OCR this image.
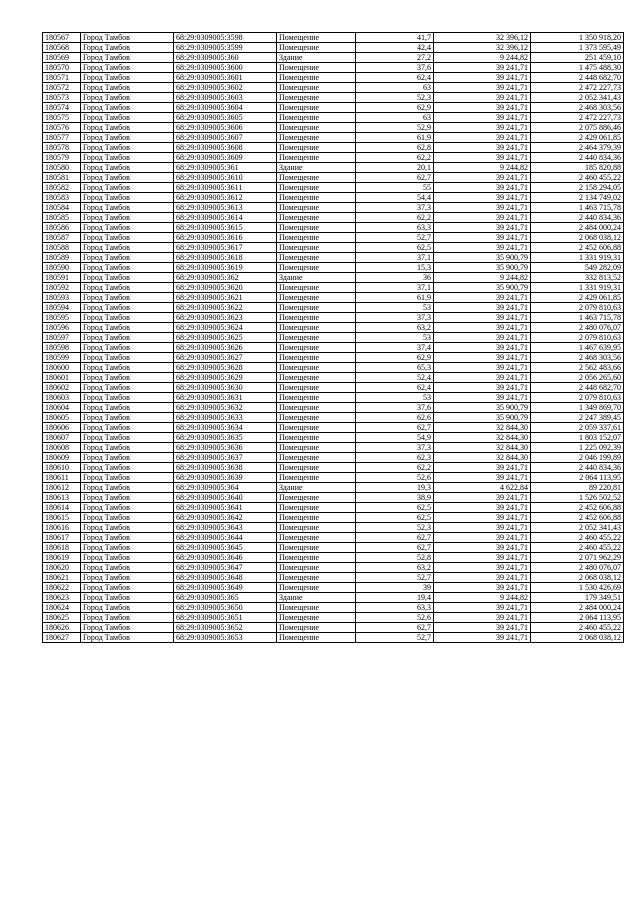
180567	Город Тамбов	68:29:0309005:3598	Помещение	41,7	32 396,12	1 350 918,20
180568	Город Тамбов	68:29:0309005:3599	Помещение	42,4	32 396,12	1 373 595,49
180569	Город Тамбов	68:29:0309005:360	Здание	27,2	9 244,82	251 459,10
180570	Город Тамбов	68:29:0309005:3600	Помещение	37,6	39 241,71	1 475 488,30
180571	Город Тамбов	68:29:0309005:3601	Помещение	62,4	39 241,71	2 448 682,70
180572	Город Тамбов	68:29:0309005:3602	Помещение	63	39 241,71	2 472 227,73
180573	Город Тамбов	68:29:0309005:3603	Помещение	52,3	39 241,71	2 052 341,43
180574	Город Тамбов	68:29:0309005:3604	Помещение	62,9	39 241,71	2 468 303,56
180575	Город Тамбов	68:29:0309005:3605	Помещение	63	39 241,71	2 472 227,73
180576	Город Тамбов	68:29:0309005:3606	Помещение	52,9	39 241,71	2 075 886,46
180577	Город Тамбов	68:29:0309005:3607	Помещение	61,9	39 241,71	2 429 061,85
180578	Город Тамбов	68:29:0309005:3608	Помещение	62,8	39 241,71	2 464 379,39
180579	Город Тамбов	68:29:0309005:3609	Помещение	62,2	39 241,71	2 440 834,36
180580	Город Тамбов	68:29:0309005:361	Здание	20,1	9 244,82	185 820,88
180581	Город Тамбов	68:29:0309005:3610	Помещение	62,7	39 241,71	2 460 455,22
180582	Город Тамбов	68:29:0309005:3611	Помещение	55	39 241,71	2 158 294,05
180583	Город Тамбов	68:29:0309005:3612	Помещение	54,4	39 241,71	2 134 749,02
180584	Город Тамбов	68:29:0309005:3613	Помещение	37,3	39 241,71	1 463 715,78
180585	Город Тамбов	68:29:0309005:3614	Помещение	62,2	39 241,71	2 440 834,36
180586	Город Тамбов	68:29:0309005:3615	Помещение	63,3	39 241,71	2 484 000,24
180587	Город Тамбов	68:29:0309005:3616	Помещение	52,7	39 241,71	2 068 038,12
180588	Город Тамбов	68:29:0309005:3617	Помещение	62,5	39 241,71	2 452 606,88
180589	Город Тамбов	68:29:0309005:3618	Помещение	37,1	35 900,79	1 331 919,31
180590	Город Тамбов	68:29:0309005:3619	Помещение	15,3	35 900,79	549 282,09
180591	Город Тамбов	68:29:0309005:362	Здание	36	9 244,82	332 813,52
180592	Город Тамбов	68:29:0309005:3620	Помещение	37,1	35 900,79	1 331 919,31
180593	Город Тамбов	68:29:0309005:3621	Помещение	61,9	39 241,71	2 429 061,85
180594	Город Тамбов	68:29:0309005:3622	Помещение	53	39 241,71	2 079 810,63
180595	Город Тамбов	68:29:0309005:3623	Помещение	37,3	39 241,71	1 463 715,78
180596	Город Тамбов	68:29:0309005:3624	Помещение	63,2	39 241,71	2 480 076,07
180597	Город Тамбов	68:29:0309005:3625	Помещение	53	39 241,71	2 079 810,63
180598	Город Тамбов	68:29:0309005:3626	Помещение	37,4	39 241,71	1 467 639,95
180599	Город Тамбов	68:29:0309005:3627	Помещение	62,9	39 241,71	2 468 303,56
180600	Город Тамбов	68:29:0309005:3628	Помещение	65,3	39 241,71	2 562 483,66
180601	Город Тамбов	68:29:0309005:3629	Помещение	52,4	39 241,71	2 056 265,60
180602	Город Тамбов	68:29:0309005:3630	Помещение	62,4	39 241,71	2 448 682,70
180603	Город Тамбов	68:29:0309005:3631	Помещение	53	39 241,71	2 079 810,63
180604	Город Тамбов	68:29:0309005:3632	Помещение	37,6	35 900,79	1 349 869,70
180605	Город Тамбов	68:29:0309005:3633	Помещение	62,6	35 900,79	2 247 389,45
180606	Город Тамбов	68:29:0309005:3634	Помещение	62,7	32 844,30	2 059 337,61
180607	Город Тамбов	68:29:0309005:3635	Помещение	54,9	32 844,30	1 803 152,07
180608	Город Тамбов	68:29:0309005:3636	Помещение	37,3	32 844,30	1 225 092,39
180609	Город Тамбов	68:29:0309005:3637	Помещение	62,3	32 844,30	2 046 199,89
180610	Город Тамбов	68:29:0309005:3638	Помещение	62,2	39 241,71	2 440 834,36
180611	Город Тамбов	68:29:0309005:3639	Помещение	52,6	39 241,71	2 064 113,95
180612	Город Тамбов	68:29:0309005:364	Здание	19,3	4 622,84	89 220,81
180613	Город Тамбов	68:29:0309005:3640	Помещение	38,9	39 241,71	1 526 502,52
180614	Город Тамбов	68:29:0309005:3641	Помещение	62,5	39 241,71	2 452 606,88
180615	Город Тамбов	68:29:0309005:3642	Помещение	62,5	39 241,71	2 452 606,88
180616	Город Тамбов	68:29:0309005:3643	Помещение	52,3	39 241,71	2 052 341,43
180617	Город Тамбов	68:29:0309005:3644	Помещение	62,7	39 241,71	2 460 455,22
180618	Город Тамбов	68:29:0309005:3645	Помещение	62,7	39 241,71	2 460 455,22
180619	Город Тамбов	68:29:0309005:3646	Помещение	52,8	39 241,71	2 071 962,29
180620	Город Тамбов	68:29:0309005:3647	Помещение	63,2	39 241,71	2 480 076,07
180621	Город Тамбов	68:29:0309005:3648	Помещение	52,7	39 241,71	2 068 038,12
180622	Город Тамбов	68:29:0309005:3649	Помещение	39	39 241,71	1 530 426,69
180623	Город Тамбов	68:29:0309005:365	Здание	19,4	9 244,82	179 349,51
180624	Город Тамбов	68:29:0309005:3650	Помещение	63,3	39 241,71	2 484 000,24
180625	Город Тамбов	68:29:0309005:3651	Помещение	52,6	39 241,71	2 064 113,95
180626	Город Тамбов	68:29:0309005:3652	Помещение	62,7	39 241,71	2 460 455,22
180627	Город Тамбов	68:29:0309005:3653	Помещение	52,7	39 241,71	2 068 038,12
